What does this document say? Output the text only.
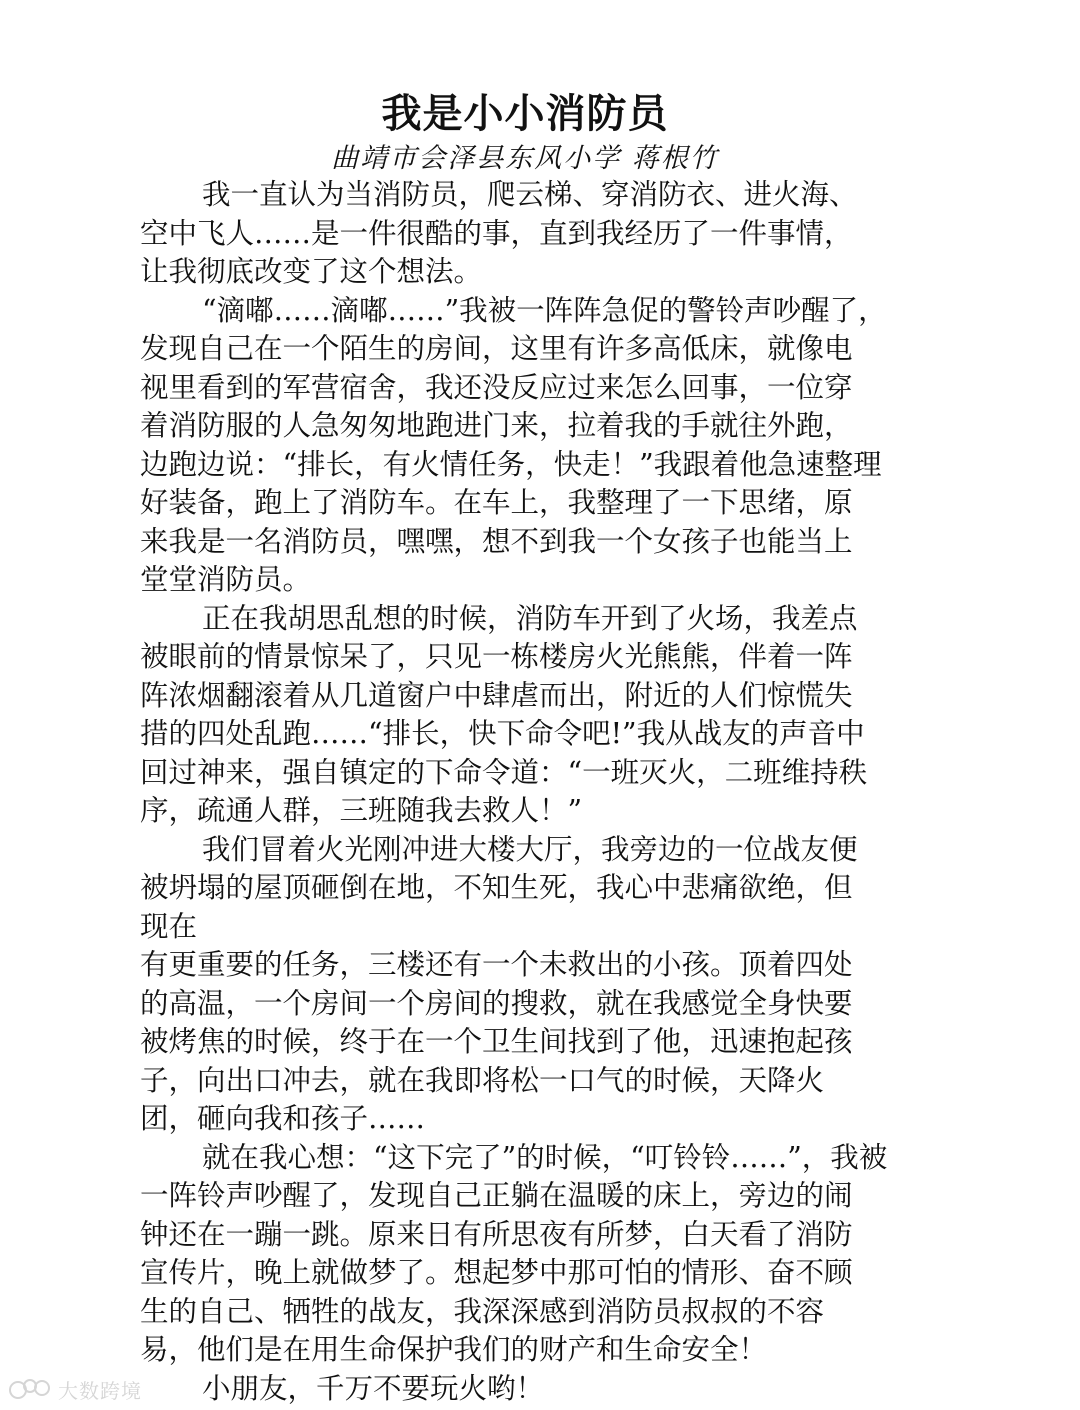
我是小小消防员
曲靖市会泽县东风小学 蒋根竹
我一直认为当消防员，爬云梯、穿消防衣、进火海、
空中飞人……是一件很酷的事，直到我经历了一件事情，
让我彻底改变了这个想法。
“滴嘟……滴嘟……”我被一阵阵急促的警铃声吵醒了，
发现自己在一个陌生的房间，这里有许多高低床，就像电
视里看到的军营宿舍，我还没反应过来怎么回事，一位穿
着消防服的人急匆匆地跑进门来，拉着我的手就往外跑，
边跑边说：“排长，有火情任务，快走！”我跟着他急速整理
好装备，跑上了消防车。在车上，我整理了一下思绪，原
来我是一名消防员，嘿嘿，想不到我一个女孩子也能当上
堂堂消防员。
正在我胡思乱想的时候，消防车开到了火场，我差点
被眼前的情景惊呆了，只见一栋楼房火光熊熊，伴着一阵
阵浓烟翻滚着从几道窗户中肆虐而出，附近的人们惊慌失
措的四处乱跑……“排长，快下命令吧!”我从战友的声音中
回过神来，强自镇定的下命令道：“一班灭火，二班维持秩
序，疏通人群，三班随我去救人！”
我们冒着火光刚冲进大楼大厅，我旁边的一位战友便
被坍塌的屋顶砸倒在地，不知生死，我心中悲痛欲绝，但
现在
有更重要的任务，三楼还有一个未救出的小孩。顶着四处
的高温，一个房间一个房间的搜救，就在我感觉全身快要
被烤焦的时候，终于在一个卫生间找到了他，迅速抱起孩
子，向出口冲去，就在我即将松一口气的时候，天降火
团，砸向我和孩子……
就在我心想：“这下完了”的时候，“叮铃铃……”，我被
一阵铃声吵醒了，发现自己正躺在温暖的床上，旁边的闹
钟还在一蹦一跳。原来日有所思夜有所梦，白天看了消防
宣传片，晚上就做梦了。想起梦中那可怕的情形、奋不顾
生的自己、牺牲的战友，我深深感到消防员叔叔的不容
易，他们是在用生命保护我们的财产和生命安全！
小朋友，千万不要玩火哟！
大数跨境
